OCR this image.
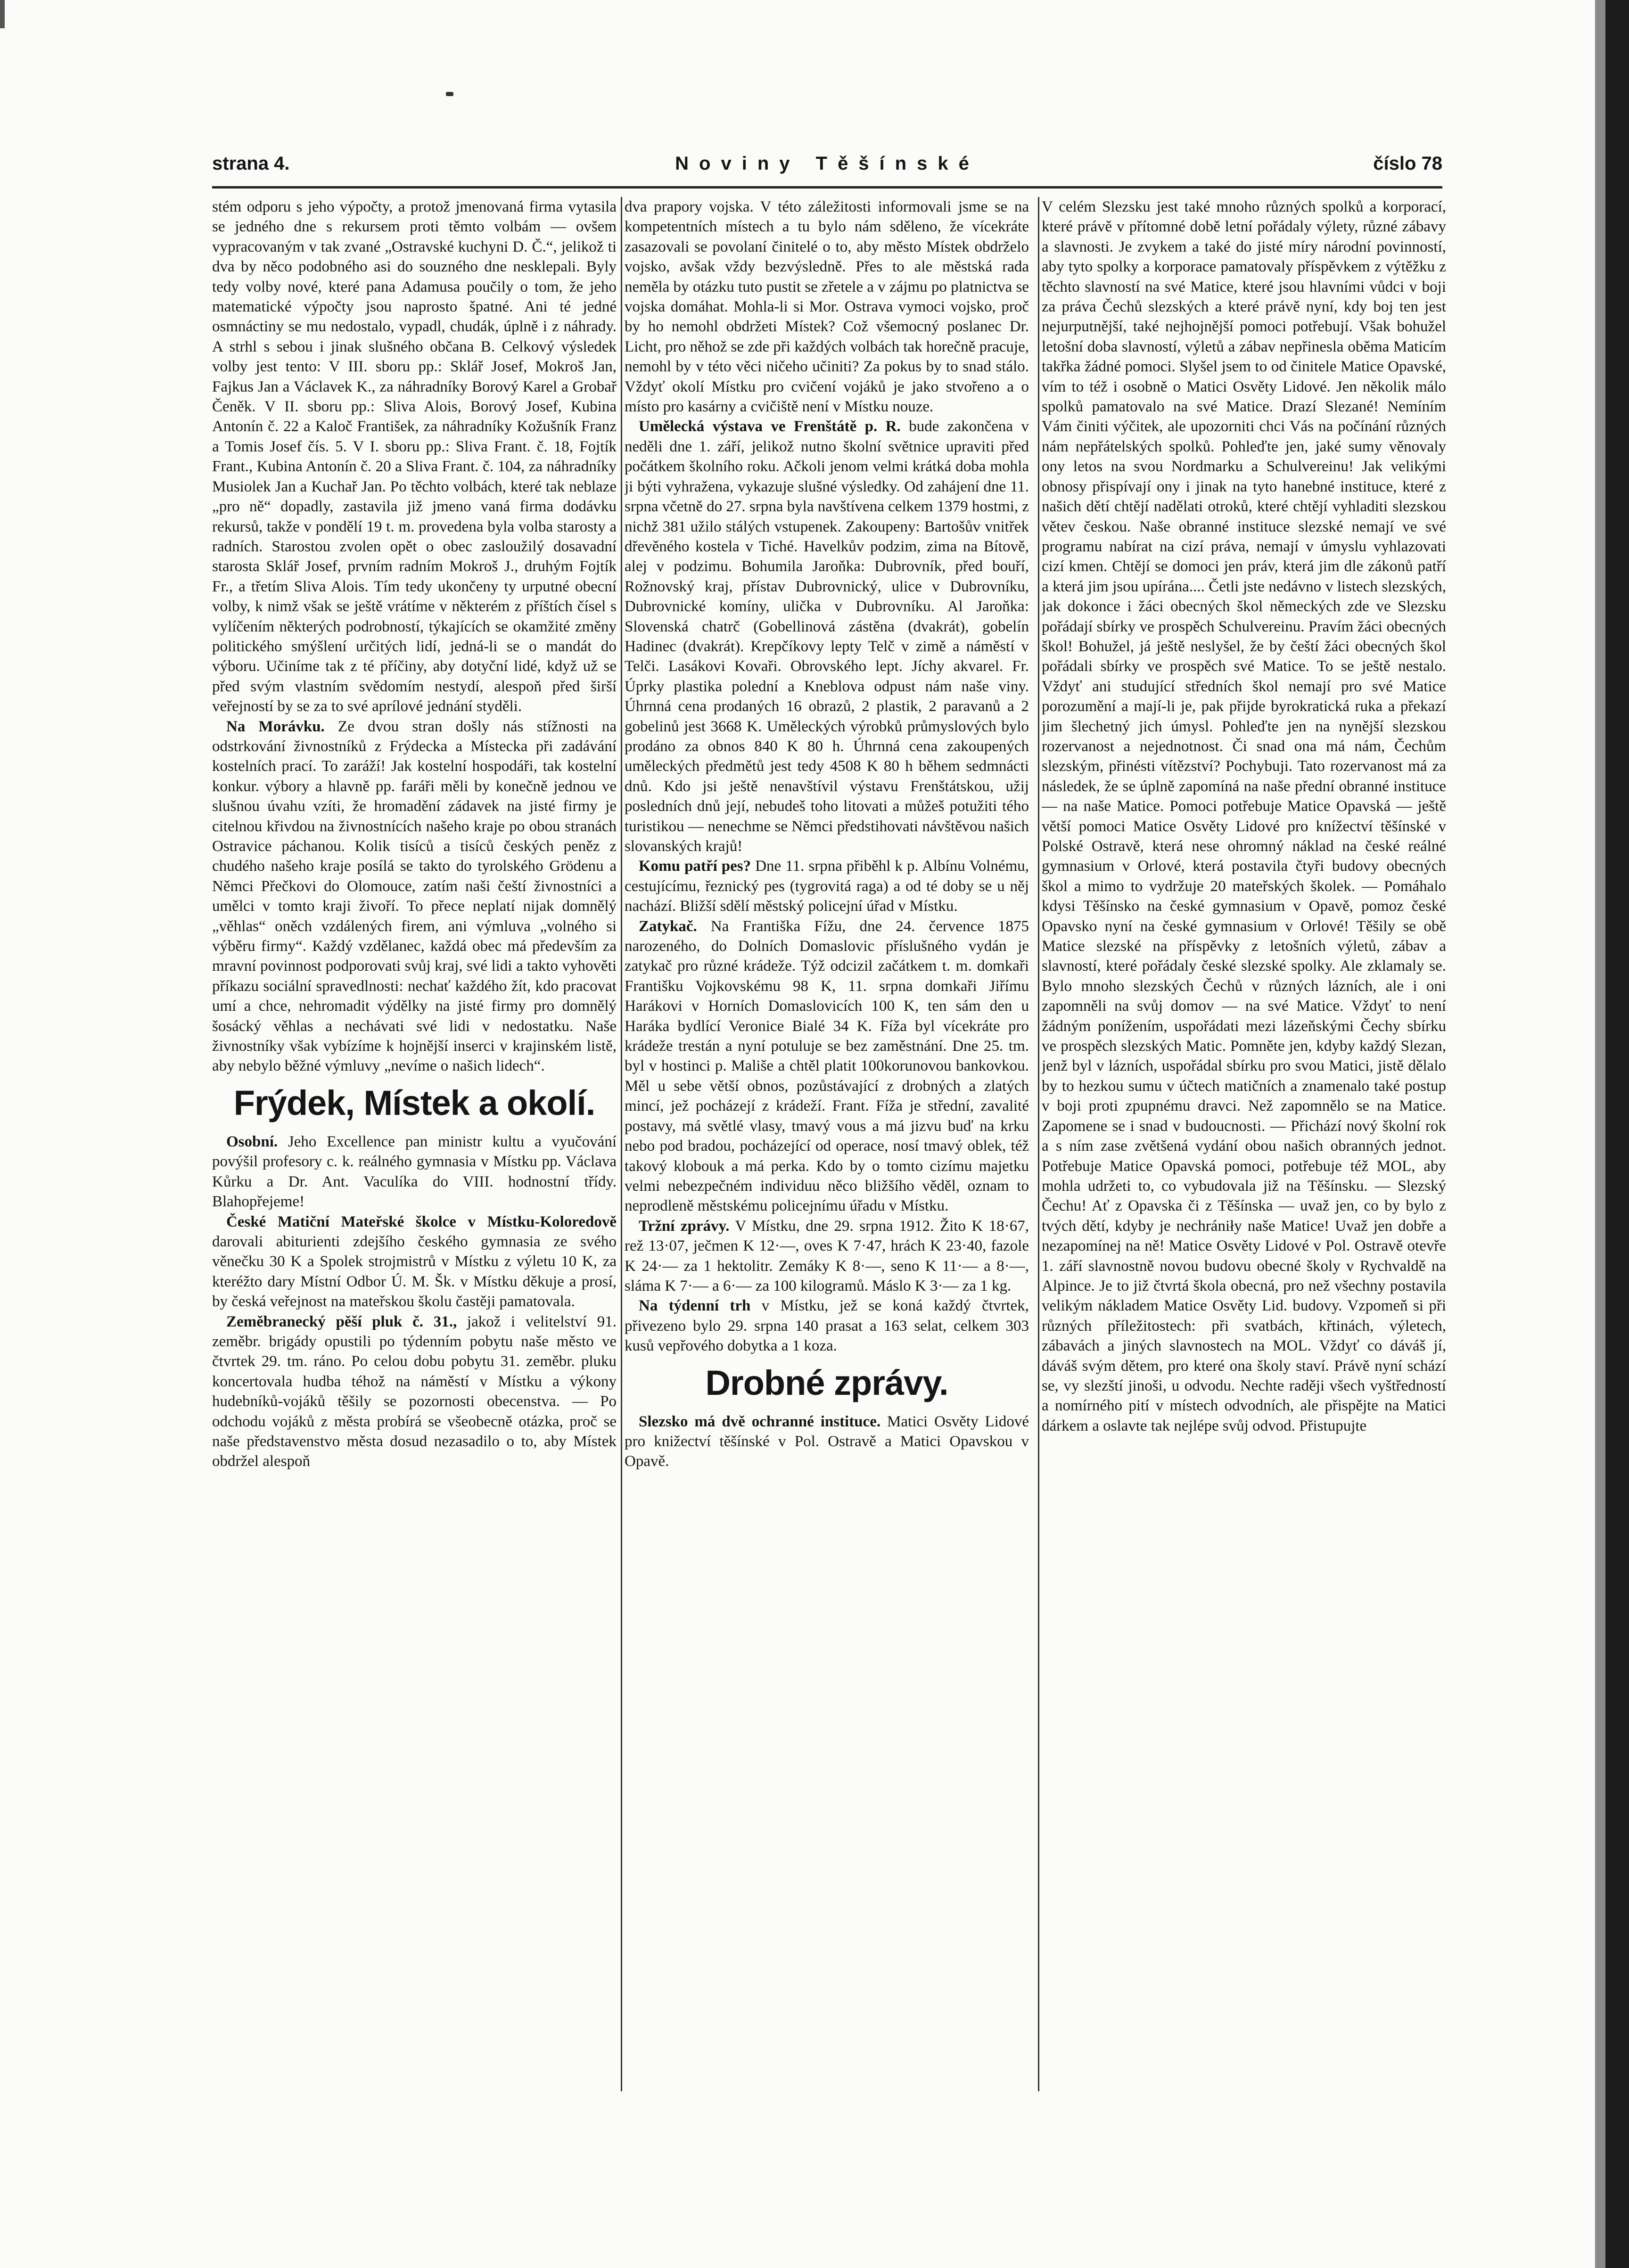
strana 4.	Noviny Těšínské	číslo 78

stém odporu s jeho výpočty, a protož jmenovaná firma vytasila se jedného dne s rekursem proti těmto volbám — ovšem vypracovaným v tak zvané „Ostravské kuchyni D. Č.“, jelikož ti dva by něco podobného asi do souzného dne nesklepali. Byly tedy volby nové, které pana Adamusa poučily o tom, že jeho matematické výpočty jsou naprosto špatné. Ani té jedné osmnáctiny se mu nedostalo, vypadl, chudák, úplně i z náhrady. A strhl s sebou i jinak slušného občana B. Celkový výsledek volby jest tento: V III. sboru pp.: Sklář Josef, Mokroš Jan, Fajkus Jan a Václavek K., za náhradníky Borový Karel a Grobař Čeněk. V II. sboru pp.: Sliva Alois, Borový Josef, Kubina Antonín č. 22 a Kaloč František, za náhradníky Kožušník Franz a Tomis Josef čís. 5. V I. sboru pp.: Sliva Frant. č. 18, Fojtík Frant., Kubina Antonín č. 20 a Sliva Frant. č. 104, za náhradníky Musiolek Jan a Kuchař Jan. Po těchto volbách, které tak neblaze „pro ně“ dopadly, zastavila již jmeno vaná firma dodávku rekursů, takže v pondělí 19 t. m. provedena byla volba starosty a radních. Starostou zvolen opět o obec zasloužilý dosavadní starosta Sklář Josef, prvním radním Mokroš J., druhým Fojtík Fr., a třetím Sliva Alois. Tím tedy ukončeny ty urputné obecní volby, k nimž však se ještě vrátíme v některém z příštích čísel s vylíčením některých podrobností, týkajících se okamžité změny politického smýšlení určitých lidí, jedná-li se o mandát do výboru. Učiníme tak z té příčiny, aby dotyční lidé, když už se před svým vlastním svědomím nestydí, alespoň před širší veřejností by se za to své aprílové jednání styděli.

Na Morávku. Ze dvou stran došly nás stížnosti na odstrkování živnostníků z Frýdecka a Místecka při zadávání kostelních prací. To zaráží! Jak kostelní hospodáři, tak kostelní konkur. výbory a hlavně pp. faráři měli by konečně jednou ve slušnou úvahu vzíti, že hromadění zádavek na jisté firmy je citelnou křivdou na živnostnících našeho kraje po obou stranách Ostravice páchanou. Kolik tisíců a tisíců českých peněz z chudého našeho kraje posílá se takto do tyrolského Grödenu a Němci Přečkovi do Olomouce, zatím naši čeští živnostníci a umělci v tomto kraji živoří. To přece neplatí nijak domnělý „věhlas“ oněch vzdálených firem, ani výmluva „volného si výběru firmy“. Každý vzdělanec, každá obec má především za mravní povinnost podporovati svůj kraj, své lidi a takto vyhověti příkazu sociální spravedlnosti: nechať každého žít, kdo pracovat umí a chce, nehromadit výdělky na jisté firmy pro domnělý šosácký věhlas a nechávati své lidi v nedostatku. Naše živnostníky však vybízíme k hojnější inserci v krajinském listě, aby nebylo běžné výmluvy „nevíme o našich lidech“.

Frýdek, Místek a okolí.

Osobní. Jeho Excellence pan ministr kultu a vyučování povýšil profesory c. k. reálného gymnasia v Místku pp. Václava Kůrku a Dr. Ant. Vaculíka do VIII. hodnostní třídy. Blahopřejeme!

České Matiční Mateřské školce v Místku-Koloredově darovali abiturienti zdejšího českého gymnasia ze svého věnečku 30 K a Spolek strojmistrů v Místku z výletu 10 K, za kteréžto dary Místní Odbor Ú. M. Šk. v Místku děkuje a prosí, by česká veřejnost na mateřskou školu častěji pamatovala.

Zeměbranecký pěší pluk č. 31., jakož i velitelství 91. zeměbr. brigády opustili po týdenním pobytu naše město ve čtvrtek 29. tm. ráno. Po celou dobu pobytu 31. zeměbr. pluku koncertovala hudba téhož na náměstí v Místku a výkony hudebníků-vojáků těšily se pozornosti obecenstva. — Po odchodu vojáků z města probírá se všeobecně otázka, proč se naše představenstvo města dosud nezasadilo o to, aby Místek obdržel alespoň

dva prapory vojska. V této záležitosti informovali jsme se na kompetentních místech a tu bylo nám sděleno, že vícekráte zasazovali se povolaní činitelé o to, aby město Místek obdrželo vojsko, avšak vždy bezvýsledně. Přes to ale městská rada neměla by otázku tuto pustit se zřetele a v zájmu po platnictva se vojska domáhat. Mohla-li si Mor. Ostrava vymoci vojsko, proč by ho nemohl obdržeti Místek? Což všemocný poslanec Dr. Licht, pro něhož se zde při každých volbách tak horečně pracuje, nemohl by v této věci ničeho učiniti? Za pokus by to snad stálo. Vždyť okolí Místku pro cvičení vojáků je jako stvořeno a o místo pro kasárny a cvičiště není v Místku nouze.

Umělecká výstava ve Frenštátě p. R. bude zakončena v neděli dne 1. září, jelikož nutno školní světnice upraviti před počátkem školního roku. Ačkoli jenom velmi krátká doba mohla ji býti vyhražena, vykazuje slušné výsledky. Od zahájení dne 11. srpna včetně do 27. srpna byla navštívena celkem 1379 hostmi, z nichž 381 užilo stálých vstupenek. Zakoupeny: Bartošův vnitřek dřevěného kostela v Tiché. Havelkův podzim, zima na Bítově, alej v podzimu. Bohumila Jaroňka: Dubrovník, před bouří, Rožnovský kraj, přístav Dubrovnický, ulice v Dubrovníku, Dubrovnické komíny, ulička v Dubrovníku. Al Jaroňka: Slovenská chatrč (Gobellinová zástěna (dvakrát), gobelín Hadinec (dvakrát). Krepčíkovy lepty Telč v zimě a náměstí v Telči. Lasákovi Kovaři. Obrovského lept. Jíchy akvarel. Fr. Úprky plastika polední a Kneblova odpust nám naše viny. Úhrnná cena prodaných 16 obrazů, 2 plastik, 2 paravanů a 2 gobelinů jest 3668 K. Uměleckých výrobků průmyslových bylo prodáno za obnos 840 K 80 h. Úhrnná cena zakoupených uměleckých předmětů jest tedy 4508 K 80 h během sedmnácti dnů. Kdo jsi ještě nenavštívil výstavu Frenštátskou, užij posledních dnů její, nebudeš toho litovati a můžeš potužiti tého turistikou — nenechme se Němci předstihovati návštěvou našich slovanských krajů!

Komu patří pes? Dne 11. srpna přiběhl k p. Albínu Volnému, cestujícímu, řeznický pes (tygrovitá raga) a od té doby se u něj nachází. Bližší sdělí městský policejní úřad v Místku.

Zatykač. Na Františka Fížu, dne 24. července 1875 narozeného, do Dolních Domaslovic příslušného vydán je zatykač pro různé krádeže. Týž odcizil začátkem t. m. domkaři Františku Vojkovskému 98 K, 11. srpna domkaři Jiřímu Harákovi v Horních Domaslovicích 100 K, ten sám den u Haráka bydlící Veronice Bialé 34 K. Fíža byl vícekráte pro krádeže trestán a nyní potuluje se bez zaměstnání. Dne 25. tm. byl v hostinci p. Mališe a chtěl platit 100korunovou bankovkou. Měl u sebe větší obnos, pozůstávající z drobných a zlatých mincí, jež pocházejí z krádeží. Frant. Fíža je střední, zavalité postavy, má světlé vlasy, tmavý vous a má jizvu buď na krku nebo pod bradou, pocházející od operace, nosí tmavý oblek, též takový klobouk a má perka. Kdo by o tomto cizímu majetku velmi nebezpečném individuu něco bližšího věděl, oznam to neprodleně městskému policejnímu úřadu v Místku.

Tržní zprávy. V Místku, dne 29. srpna 1912. Žito K 18·67, rež 13·07, ječmen K 12·—, oves K 7·47, hrách K 23·40, fazole K 24·— za 1 hektolitr. Zemáky K 8·—, seno K 11·— a 8·—, sláma K 7·— a 6·— za 100 kilogramů. Máslo K 3·— za 1 kg.

Na týdenní trh v Místku, jež se koná každý čtvrtek, přivezeno bylo 29. srpna 140 prasat a 163 selat, celkem 303 kusů vepřového dobytka a 1 koza.

Drobné zprávy.

Slezsko má dvě ochranné instituce. Matici Osvěty Lidové pro knižectví těšínské v Pol. Ostravě a Matici Opavskou v Opavě.

V celém Slezsku jest také mnoho různých spolků a korporací, které právě v přítomné době letní pořádaly výlety, různé zábavy a slavnosti. Je zvykem a také do jisté míry národní povinností, aby tyto spolky a korporace pamatovaly příspěvkem z výtěžku z těchto slavností na své Matice, které jsou hlavními vůdci v boji za práva Čechů slezských a které právě nyní, kdy boj ten jest nejurputnější, také nejhojnější pomoci potřebují. Však bohužel letošní doba slavností, výletů a zábav nepřinesla oběma Maticím takřka žádné pomoci. Slyšel jsem to od činitele Matice Opavské, vím to též i osobně o Matici Osvěty Lidové. Jen několik málo spolků pamatovalo na své Matice. Drazí Slezané! Nemíním Vám činiti výčitek, ale upozorniti chci Vás na počínání různých nám nepřátelských spolků. Pohleďte jen, jaké sumy věnovaly ony letos na svou Nordmarku a Schulvereinu! Jak velikými obnosy přispívají ony i jinak na tyto hanebné instituce, které z našich dětí chtějí nadělati otroků, které chtějí vyhladiti slezskou větev českou. Naše obranné instituce slezské nemají ve své programu nabírat na cizí práva, nemají v úmyslu vyhlazovati cizí kmen. Chtějí se domoci jen práv, která jim dle zákonů patří a která jim jsou upírána.... Četli jste nedávno v listech slezských, jak dokonce i žáci obecných škol německých zde ve Slezsku pořádají sbírky ve prospěch Schulvereinu. Pravím žáci obecných škol! Bohužel, já ještě neslyšel, že by čeští žáci obecných škol pořádali sbírky ve prospěch své Matice. To se ještě nestalo. Vždyť ani studující středních škol nemají pro své Matice porozumění a mají-li je, pak přijde byrokratická ruka a překazí jim šlechetný jich úmysl. Pohleďte jen na nynější slezskou rozervanost a nejednotnost. Či snad ona má nám, Čechům slezským, přinésti vítězství? Pochybuji. Tato rozervanost má za následek, že se úplně zapomíná na naše přední obranné instituce — na naše Matice. Pomoci potřebuje Matice Opavská — ještě větší pomoci Matice Osvěty Lidové pro knížectví těšínské v Polské Ostravě, která nese ohromný náklad na české reálné gymnasium v Orlové, která postavila čtyři budovy obecných škol a mimo to vydržuje 20 mateřských školek. — Pomáhalo kdysi Těšínsko na české gymnasium v Opavě, pomoz české Opavsko nyní na české gymnasium v Orlové! Těšily se obě Matice slezské na příspěvky z letošních výletů, zábav a slavností, které pořádaly české slezské spolky. Ale zklamaly se. Bylo mnoho slezských Čechů v různých lázních, ale i oni zapomněli na svůj domov — na své Matice. Vždyť to není žádným ponížením, uspořádati mezi lázeňskými Čechy sbírku ve prospěch slezských Matic. Pomněte jen, kdyby každý Slezan, jenž byl v lázních, uspořádal sbírku pro svou Matici, jistě dělalo by to hezkou sumu v účtech matičních a znamenalo také postup v boji proti zpupnému dravci. Než zapomnělo se na Matice. Zapomene se i snad v budoucnosti. — Přichází nový školní rok a s ním zase zvětšená vydání obou našich obranných jednot. Potřebuje Matice Opavská pomoci, potřebuje též MOL, aby mohla udržeti to, co vybudovala již na Těšínsku. — Slezský Čechu! Ať z Opavska či z Těšínska — uvaž jen, co by bylo z tvých dětí, kdyby je nechrániły naše Matice! Uvaž jen dobře a nezapomínej na ně! Matice Osvěty Lidové v Pol. Ostravě otevře 1. září slavnostně novou budovu obecné školy v Rychvaldě na Alpince. Je to již čtvrtá škola obecná, pro než všechny postavila velikým nákladem Matice Osvěty Lid. budovy. Vzpomeň si při různých příležitostech: při svatbách, křtinách, výletech, zábavách a jiných slavnostech na MOL. Vždyť co dáváš jí, dáváš svým dětem, pro které ona školy staví. Právě nyní schází se, vy slezští jinoši, u odvodu. Nechte raději všech vyštředností a nomírného pití v místech odvodních, ale přispějte na Matici dárkem a oslavte tak nejlépe svůj odvod. Přistupujte
